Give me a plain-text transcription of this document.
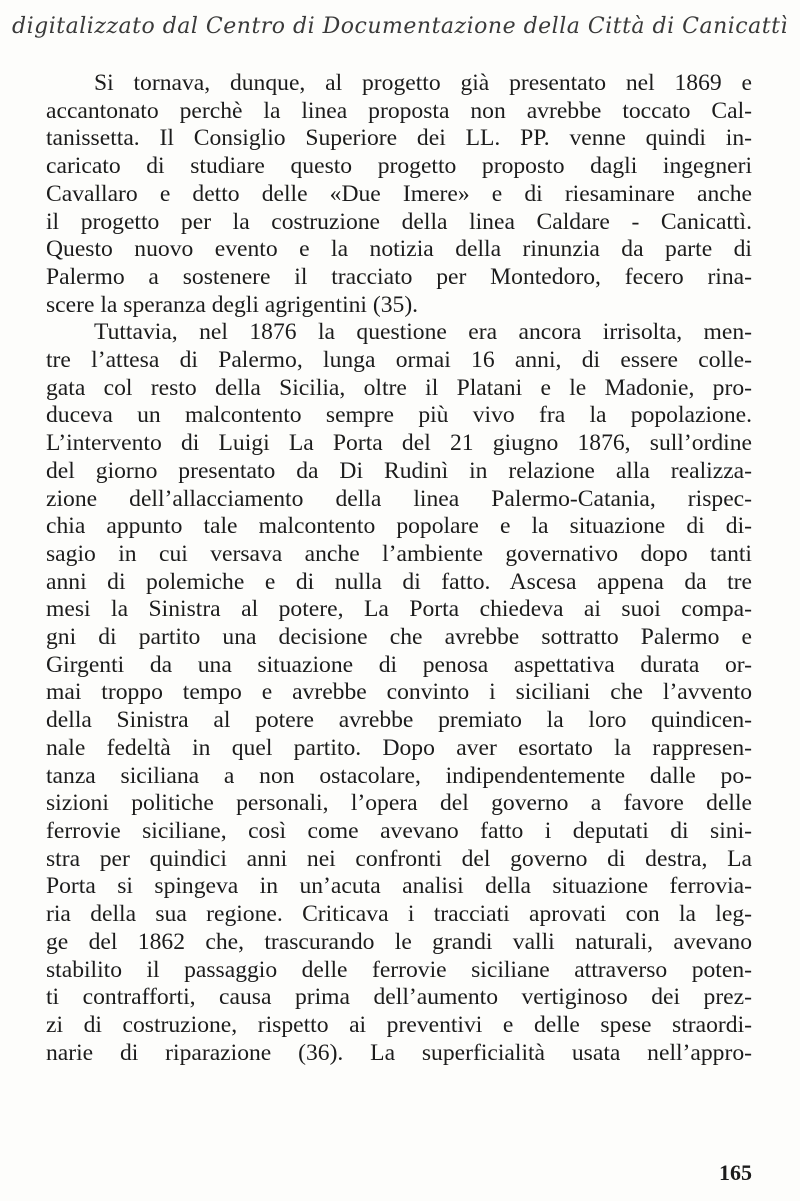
digitalizzato dal Centro di Documentazione della Città di Canicattì

Si tornava, dunque, al progetto già presentato nel 1869 e
accantonato perchè la linea proposta non avrebbe toccato Cal-
tanissetta. Il Consiglio Superiore dei LL. PP. venne quindi in-
caricato di studiare questo progetto proposto dagli ingegneri
Cavallaro e detto delle «Due Imere» e di riesaminare anche
il progetto per la costruzione della linea Caldare - Canicattì.
Questo nuovo evento e la notizia della rinunzia da parte di
Palermo a sostenere il tracciato per Montedoro, fecero rina-
scere la speranza degli agrigentini (35).

Tuttavia, nel 1876 la questione era ancora irrisolta, men-
tre l’attesa di Palermo, lunga ormai 16 anni, di essere colle-
gata col resto della Sicilia, oltre il Platani e le Madonie, pro-
duceva un malcontento sempre più vivo fra la popolazione.
L’intervento di Luigi La Porta del 21 giugno 1876, sull’ordine
del giorno presentato da Di Rudinì in relazione alla realizza-
zione dell’allacciamento della linea Palermo-Catania, rispec-
chia appunto tale malcontento popolare e la situazione di di-
sagio in cui versava anche l’ambiente governativo dopo tanti
anni di polemiche e di nulla di fatto. Ascesa appena da tre
mesi la Sinistra al potere, La Porta chiedeva ai suoi compa-
gni di partito una decisione che avrebbe sottratto Palermo e
Girgenti da una situazione di penosa aspettativa durata or-
mai troppo tempo e avrebbe convinto i siciliani che l’avvento
della Sinistra al potere avrebbe premiato la loro quindicen-
nale fedeltà in quel partito. Dopo aver esortato la rappresen-
tanza siciliana a non ostacolare, indipendentemente dalle po-
sizioni politiche personali, l’opera del governo a favore delle
ferrovie siciliane, così come avevano fatto i deputati di sini-
stra per quindici anni nei confronti del governo di destra, La
Porta si spingeva in un’acuta analisi della situazione ferrovia-
ria della sua regione. Criticava i tracciati aprovati con la leg-
ge del 1862 che, trascurando le grandi valli naturali, avevano
stabilito il passaggio delle ferrovie siciliane attraverso poten-
ti contrafforti, causa prima dell’aumento vertiginoso dei prez-
zi di costruzione, rispetto ai preventivi e delle spese straordi-
narie di riparazione (36). La superficialità usata nell’appro-

165
